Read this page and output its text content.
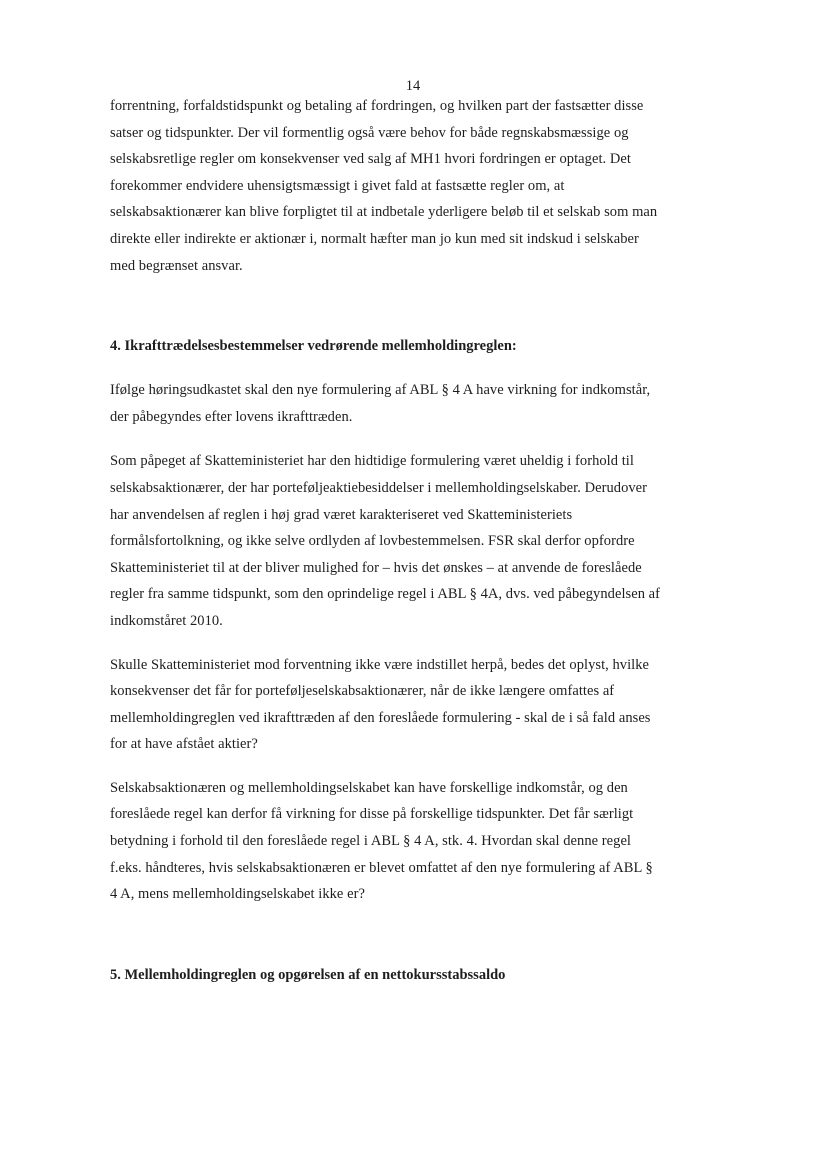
14

forrentning, forfaldstidspunkt og betaling af fordringen, og hvilken part der fastsætter disse
satser og tidspunkter. Der vil formentlig også være behov for både regnskabsmæssige og
selskabsretlige regler om konsekvenser ved salg af MH1 hvori fordringen er optaget. Det
forekommer endvidere uhensigtsmæssigt i givet fald at fastsætte regler om, at
selskabsaktionærer kan blive forpligtet til at indbetale yderligere beløb til et selskab som man
direkte eller indirekte er aktionær i, normalt hæfter man jo kun med sit indskud i selskaber
med begrænset ansvar.

4. Ikrafttrædelsesbestemmelser vedrørende mellemholdingreglen:

Ifølge høringsudkastet skal den nye formulering af ABL § 4 A have virkning for indkomstår,
der påbegyndes efter lovens ikrafttræden.

Som påpeget af Skatteministeriet har den hidtidige formulering været uheldig i forhold til
selskabsaktionærer, der har porteføljeaktiebesiddelser i mellemholdingselskaber. Derudover
har anvendelsen af reglen i høj grad været karakteriseret ved Skatteministeriets
formålsfortolkning, og ikke selve ordlyden af lovbestemmelsen. FSR skal derfor opfordre
Skatteministeriet til at der bliver mulighed for – hvis det ønskes – at anvende de foreslåede
regler fra samme tidspunkt, som den oprindelige regel i ABL § 4A, dvs. ved påbegyndelsen af
indkomståret 2010.

Skulle Skatteministeriet mod forventning ikke være indstillet herpå, bedes det oplyst, hvilke
konsekvenser det får for porteføljeselskabsaktionærer, når de ikke længere omfattes af
mellemholdingreglen ved ikrafttræden af den foreslåede formulering - skal de i så fald anses
for at have afstået aktier?

Selskabsaktionæren og mellemholdingselskabet kan have forskellige indkomstår, og den
foreslåede regel kan derfor få virkning for disse på forskellige tidspunkter. Det får særligt
betydning i forhold til den foreslåede regel i ABL § 4 A, stk. 4. Hvordan skal denne regel
f.eks. håndteres, hvis selskabsaktionæren er blevet omfattet af den nye formulering af ABL §
4 A, mens mellemholdingselskabet ikke er?

5. Mellemholdingreglen og opgørelsen af en nettokursstabssaldo
